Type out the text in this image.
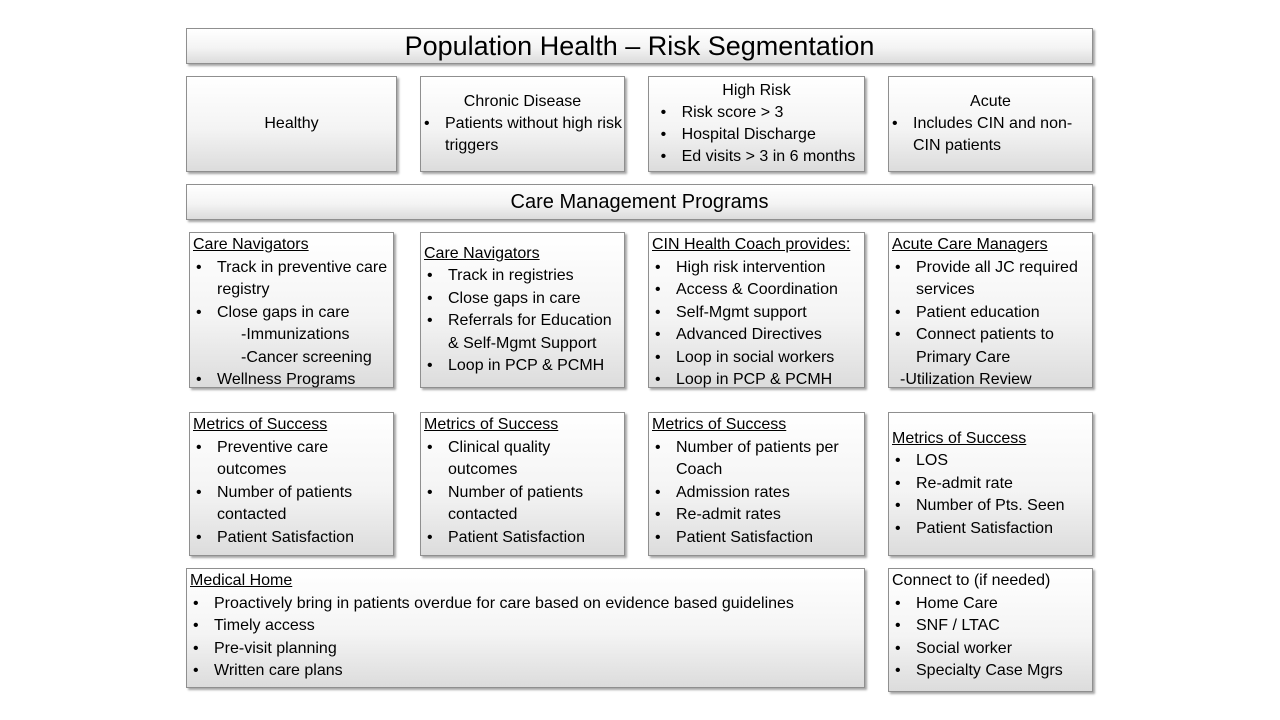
Population Health – Risk Segmentation
Healthy
Chronic Disease
• Patients without high risk triggers
High Risk
• Risk score > 3
• Hospital Discharge
• Ed visits > 3 in 6 months
Acute
• Includes CIN and non-CIN patients
Care Management Programs
Care Navigators
• Track in preventive care registry
• Close gaps in care
-Immunizations
-Cancer screening
• Wellness Programs
Care Navigators
• Track in registries
• Close gaps in care
• Referrals for Education & Self-Mgmt Support
• Loop in PCP & PCMH
CIN Health Coach provides:
• High risk intervention
• Access & Coordination
• Self-Mgmt support
• Advanced Directives
• Loop in social workers
• Loop in PCP & PCMH
Acute Care Managers
• Provide all JC required services
• Patient education
• Connect patients to Primary Care
-Utilization Review
Metrics of Success
• Preventive care outcomes
• Number of patients contacted
• Patient Satisfaction
Metrics of Success
• Clinical quality outcomes
• Number of patients contacted
• Patient Satisfaction
Metrics of Success
• Number of patients per Coach
• Admission rates
• Re-admit rates
• Patient Satisfaction
Metrics of Success
• LOS
• Re-admit rate
• Number of Pts. Seen
• Patient Satisfaction
Medical Home
• Proactively bring in patients overdue for care based on evidence based guidelines
• Timely access
• Pre-visit planning
• Written care plans
Connect to (if needed)
• Home Care
• SNF / LTAC
• Social worker
• Specialty Case Mgrs
